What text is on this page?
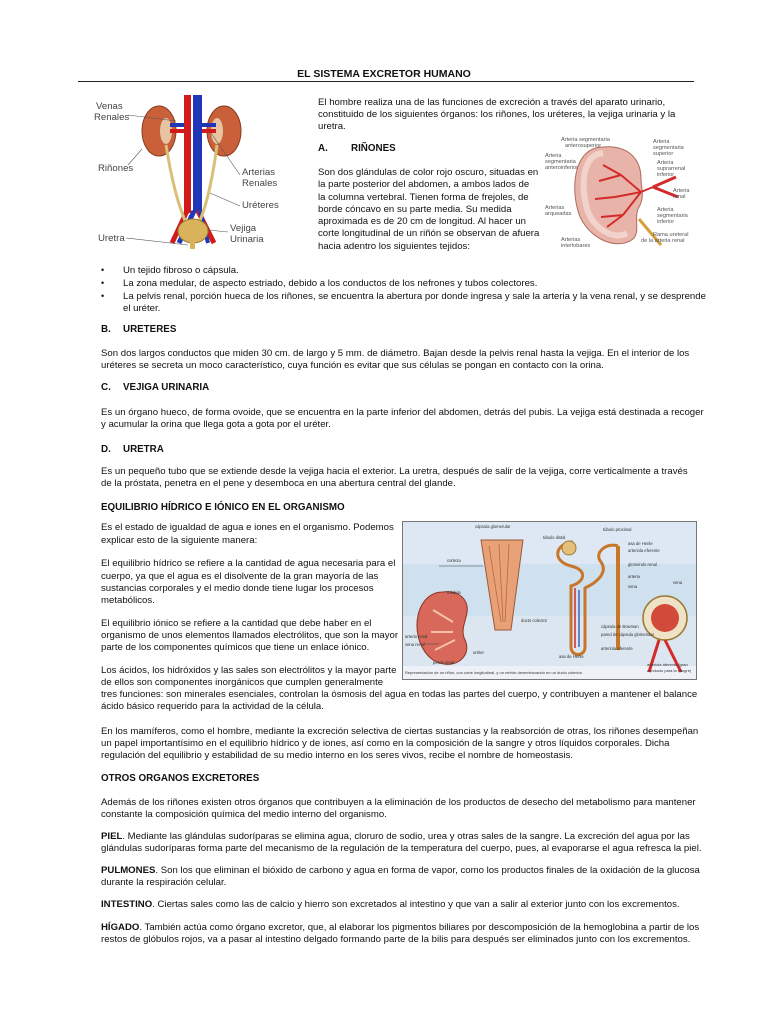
EL SISTEMA EXCRETOR HUMANO
Venas
Renales
Riñones	Arterias
Renales
Uréteres
Vejiga
Urinaria
Uretra
El hombre realiza una de las funciones de excreción a través del aparato urinario,
constituido de los siguientes órganos: los riñones, los uréteres, la vejiga urinaria y la
uretra.
A. RIÑONES
Son dos glándulas de color rojo oscuro, situadas en
la parte posterior del abdomen, a ambos lados de
la columna vertebral. Tienen forma de frejoles, de
borde cóncavo en su parte media. Su medida
aproximada es de 20 cm de longitud. Al hacer un
corte longitudinal de un riñón se observan de afuera
hacia adentro los siguientes tejidos:
Arteria segmentaria
anterosuperior
Arteria
segmentaria
anteroinferior
Arterias
arqueadas
Arterias
interlobares
Arteria
segmentaria
superior
Arteria
suprarrenal
inferior
Arteria
renal
Arteria
segmentaria
inferior
Rama ureteral
de la arteria renal
• Un tejido fibroso o cápsula.
• La zona medular, de aspecto estriado, debido a los conductos de los nefrones y tubos colectores.
• La pelvis renal, porción hueca de los riñones, se encuentra la abertura por donde ingresa y sale la arteria y la vena renal, y se desprende
el uréter.
B. URETERES
Son dos largos conductos que miden 30 cm. de largo y 5 mm. de diámetro. Bajan desde la pelvis renal hasta la vejiga. En el interior de los
uréteres se secreta un moco característico, cuya función es evitar que sus células se pongan en contacto con la orina.
C. VEJIGA URINARIA
Es un órgano hueco, de forma ovoide, que se encuentra en la parte inferior del abdomen, detrás del pubis. La vejiga está destinada a recoger
y acumular la orina que llega gota a gota por el uréter.
D. URETRA
Es un pequeño tubo que se extiende desde la vejiga hacia el exterior. La uretra, después de salir de la vejiga, corre verticalmente a través
de la próstata, penetra en el pene y desemboca en una abertura central del glande.
EQUILIBRIO HÍDRICO E IÓNICO EN EL ORGANISMO
Es el estado de igualdad de agua e iones en el organismo. Podemos
explicar esto de la siguiente manera:
El equilibrio hídrico se refiere a la cantidad de agua necesaria para el
cuerpo, ya que el agua es el disolvente de la gran mayoría de las
sustancias corporales y el medio donde tiene lugar los procesos
metabólicos.
El equilibrio iónico se refiere a la cantidad que debe haber en el
organismo de unos elementos llamados electrólitos, que son la mayor
parte de los componentes químicos que tiene un enlace iónico.
Los ácidos, los hidróxidos y las sales son electrólitos y la mayor parte
de ellos son componentes inorgánicos que cumplen generalmente
tres funciones: son minerales esenciales, controlan la ósmosis del agua en todas las partes del cuerpo, y contribuyen a mantener el balance
ácido básico requerido para la actividad de la célula.
En los mamíferos, como el hombre, mediante la excreción selectiva de ciertas sustancias y la reabsorción de otras, los riñones desempeñan
un papel importantísimo en el equilibrio hídrico y de iones, así como en la composición de la sangre y otros líquidos corporales. Dicha
regulación del equilibrio y estabilidad de su medio interno en los seres vivos, recibe el nombre de homeostasis.
cápsula glomerular
túbulo distal
túbulo proximal
corteza
asa de Henle
arteriola eferente
glomérulo renal
médula
ducto colector
arteria
vena
pelvis renal
arteria renal
vena renal
uréter
pared de cápsula glomerular
cápsula de Bowman
asa de Henle
arteriola aferente
vena
Representación de un riñón, con corte longitudinal, y un nefrón desembocando en un ducto colector.
arteriola aferente (gran
conducto para la sangre)
OTROS ORGANOS EXCRETORES
Además de los riñones existen otros órganos que contribuyen a la eliminación de los productos de desecho del metabolismo para mantener
constante la composición química del medio interno del organismo.
PIEL. Mediante las glándulas sudoríparas se elimina agua, cloruro de sodio, urea y otras sales de la sangre. La excreción del agua por las
glándulas sudoríparas forma parte del mecanismo de la regulación de la temperatura del cuerpo, pues, al evaporarse el agua refresca la piel.
PULMONES. Son los que eliminan el bióxido de carbono y agua en forma de vapor, como los productos finales de la oxidación de la glucosa
durante la respiración celular.
INTESTINO. Ciertas sales como las de calcio y hierro son excretados al intestino y que van a salir al exterior junto con los excrementos.
HÍGADO. También actúa como órgano excretor, que, al elaborar los pigmentos biliares por descomposición de la hemoglobina a partir de los
restos de glóbulos rojos, va a pasar al intestino delgado formando parte de la bilis para después ser eliminados junto con los excrementos.
